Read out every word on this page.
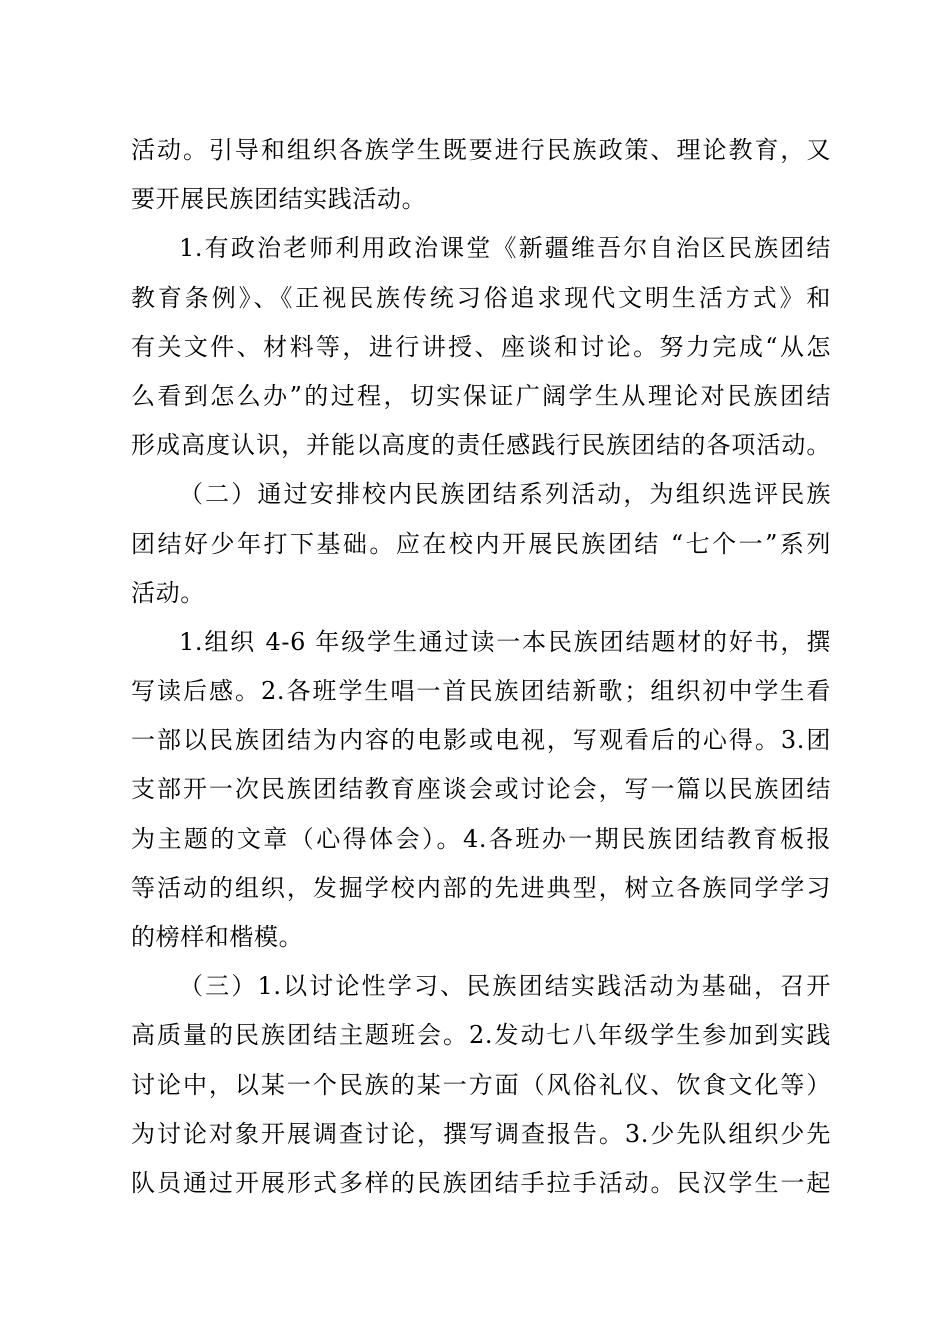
活动。引导和组织各族学生既要进行民族政策、理论教育，又
要开展民族团结实践活动。
1.有政治老师利用政治课堂《新疆维吾尔自治区民族团结
教育条例》、《正视民族传统习俗追求现代文明生活方式》和
有关文件、材料等，进行讲授、座谈和讨论。努力完成“从怎
么看到怎么办”的过程，切实保证广阔学生从理论对民族团结
形成高度认识，并能以高度的责任感践行民族团结的各项活动。
（二）通过安排校内民族团结系列活动，为组织选评民族
团结好少年打下基础。应在校内开展民族团结 “七个一”系列
活动。
1.组织 4-6 年级学生通过读一本民族团结题材的好书，撰
写读后感。2.各班学生唱一首民族团结新歌；组织初中学生看
一部以民族团结为内容的电影或电视，写观看后的心得。3.团
支部开一次民族团结教育座谈会或讨论会，写一篇以民族团结
为主题的文章（心得体会）。4.各班办一期民族团结教育板报
等活动的组织，发掘学校内部的先进典型，树立各族同学学习
的榜样和楷模。
（三）1.以讨论性学习、民族团结实践活动为基础，召开
高质量的民族团结主题班会。2.发动七八年级学生参加到实践
讨论中，以某一个民族的某一方面（风俗礼仪、饮食文化等）
为讨论对象开展调查讨论，撰写调查报告。3.少先队组织少先
队员通过开展形式多样的民族团结手拉手活动。民汉学生一起
